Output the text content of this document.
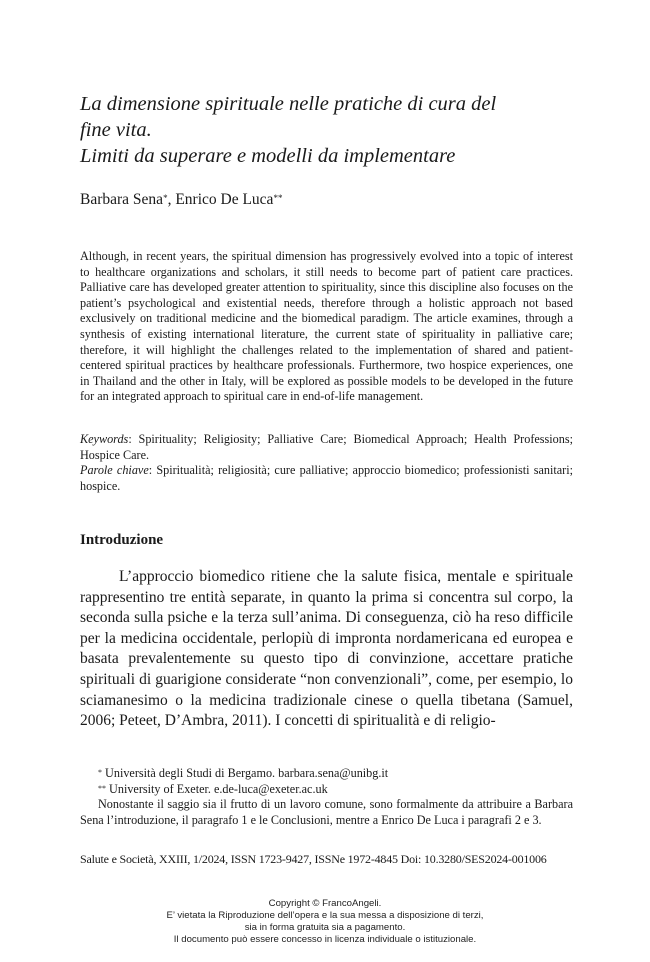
La dimensione spirituale nelle pratiche di cura del
fine vita.
Limiti da superare e modelli da implementare
Barbara Sena*, Enrico De Luca**

Although, in recent years, the spiritual dimension has progressively evolved into a topic of interest to healthcare organizations and scholars, it still needs to become part of patient care practices. Palliative care has developed greater attention to spirituality, since this discipline also focuses on the patient’s psychological and existential needs, therefore through a holistic approach not based exclusively on traditional medicine and the biomedical paradigm. The article examines, through a synthesis of existing international literature, the current state of spirituality in palliative care; therefore, it will highlight the challenges related to the implementation of shared and patient-centered spiritual practices by healthcare professionals. Furthermore, two hospice experiences, one in Thailand and the other in Italy, will be explored as possible models to be developed in the future for an integrated approach to spiritual care in end-of-life management.

Keywords: Spirituality; Religiosity; Palliative Care; Biomedical Approach; Health Professions; Hospice Care.

Parole chiave: Spiritualità; religiosità; cure palliative; approccio biomedico; professionisti sanitari; hospice.

Introduzione

L’approccio biomedico ritiene che la salute fisica, mentale e spirituale rappresentino tre entità separate, in quanto la prima si concentra sul corpo, la seconda sulla psiche e la terza sull’anima. Di conseguenza, ciò ha reso difficile per la medicina occidentale, perlopiù di impronta nordamericana ed europea e basata prevalentemente su questo tipo di convinzione, accettare pratiche spirituali di guarigione considerate “non convenzionali”, come, per esempio, lo sciamanesimo o la medicina tradizionale cinese o quella tibetana (Samuel, 2006; Peteet, D’Ambra, 2011). I concetti di spiritualità e di religio-

* Università degli Studi di Bergamo. barbara.sena@unibg.it

** University of Exeter. e.de-luca@exeter.ac.uk

Nonostante il saggio sia il frutto di un lavoro comune, sono formalmente da attribuire a Barbara Sena l’introduzione, il paragrafo 1 e le Conclusioni, mentre a Enrico De Luca i paragrafi 2 e 3.

Salute e Società, XXIII, 1/2024, ISSN 1723-9427, ISSNe 1972-4845 Doi: 10.3280/SES2024-001006
Copyright © FrancoAngeli.
E’ vietata la Riproduzione dell’opera e la sua messa a disposizione di terzi,
sia in forma gratuita sia a pagamento.
Il documento può essere concesso in licenza individuale o istituzionale.
